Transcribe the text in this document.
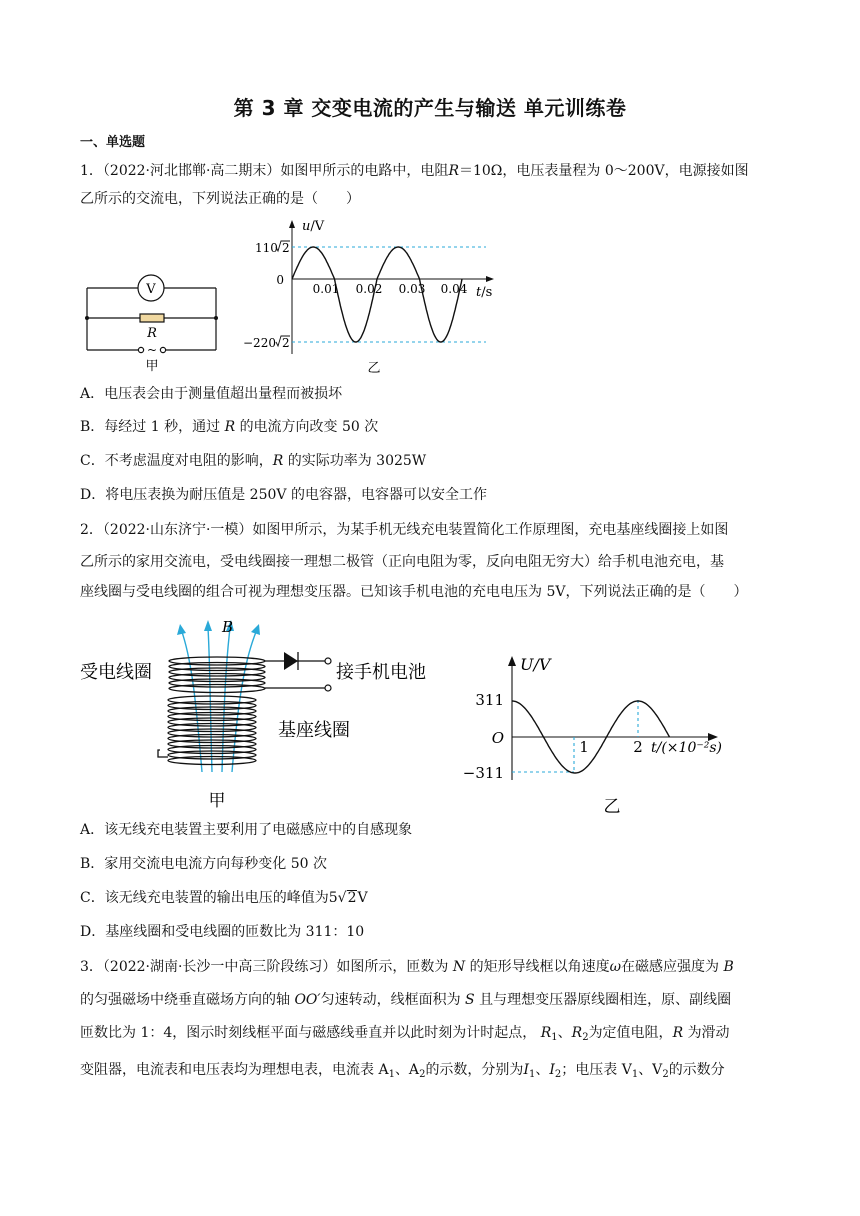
第 3 章 交变电流的产生与输送 单元训练卷
一、单选题
1．（2022·河北邯郸·高二期末）如图甲所示的电路中，电阻R＝10Ω，电压表量程为 0～200V，电源接如图
乙所示的交流电，下列说法正确的是（　　）
V
R
~
甲
u/V
t/s
0
110 2
−220 2
0.01 0.02 0.03 0.04
乙
A．电压表会由于测量值超出量程而被损坏
B．每经过 1 秒，通过 R 的电流方向改变 50 次
C．不考虑温度对电阻的影响，R 的实际功率为 3025W
D．将电压表换为耐压值是 250V 的电容器，电容器可以安全工作
2．（2022·山东济宁·一模）如图甲所示，为某手机无线充电装置简化工作原理图，充电基座线圈接上如图
乙所示的家用交流电，受电线圈接一理想二极管（正向电阻为零，反向电阻无穷大）给手机电池充电，基
座线圈与受电线圈的组合可视为理想变压器。已知该手机电池的充电电压为 5V，下列说法正确的是（　　）
B
受电线圈	接手机电池
基座线圈
甲
U/V
311
O
−311
1	2 t/(×10⁻²s)
乙
A．该无线充电装置主要利用了电磁感应中的自感现象
B．家用交流电电流方向每秒变化 50 次
C．该无线充电装置的输出电压的峰值为5√2V
D．基座线圈和受电线圈的匝数比为 311：10
3．（2022·湖南·长沙一中高三阶段练习）如图所示，匝数为 N 的矩形导线框以角速度ω在磁感应强度为 B
的匀强磁场中绕垂直磁场方向的轴 OO′匀速转动，线框面积为 S 且与理想变压器原线圈相连，原、副线圈
匝数比为 1：4，图示时刻线框平面与磁感线垂直并以此时刻为计时起点， $R_1$、$R_2$为定值电阻，R 为滑动
变阻器，电流表和电压表均为理想电表，电流表 $A_1$、$A_2$的示数，分别为$I_1$、$I_2$；电压表 $V_1$、$V_2$的示数分
